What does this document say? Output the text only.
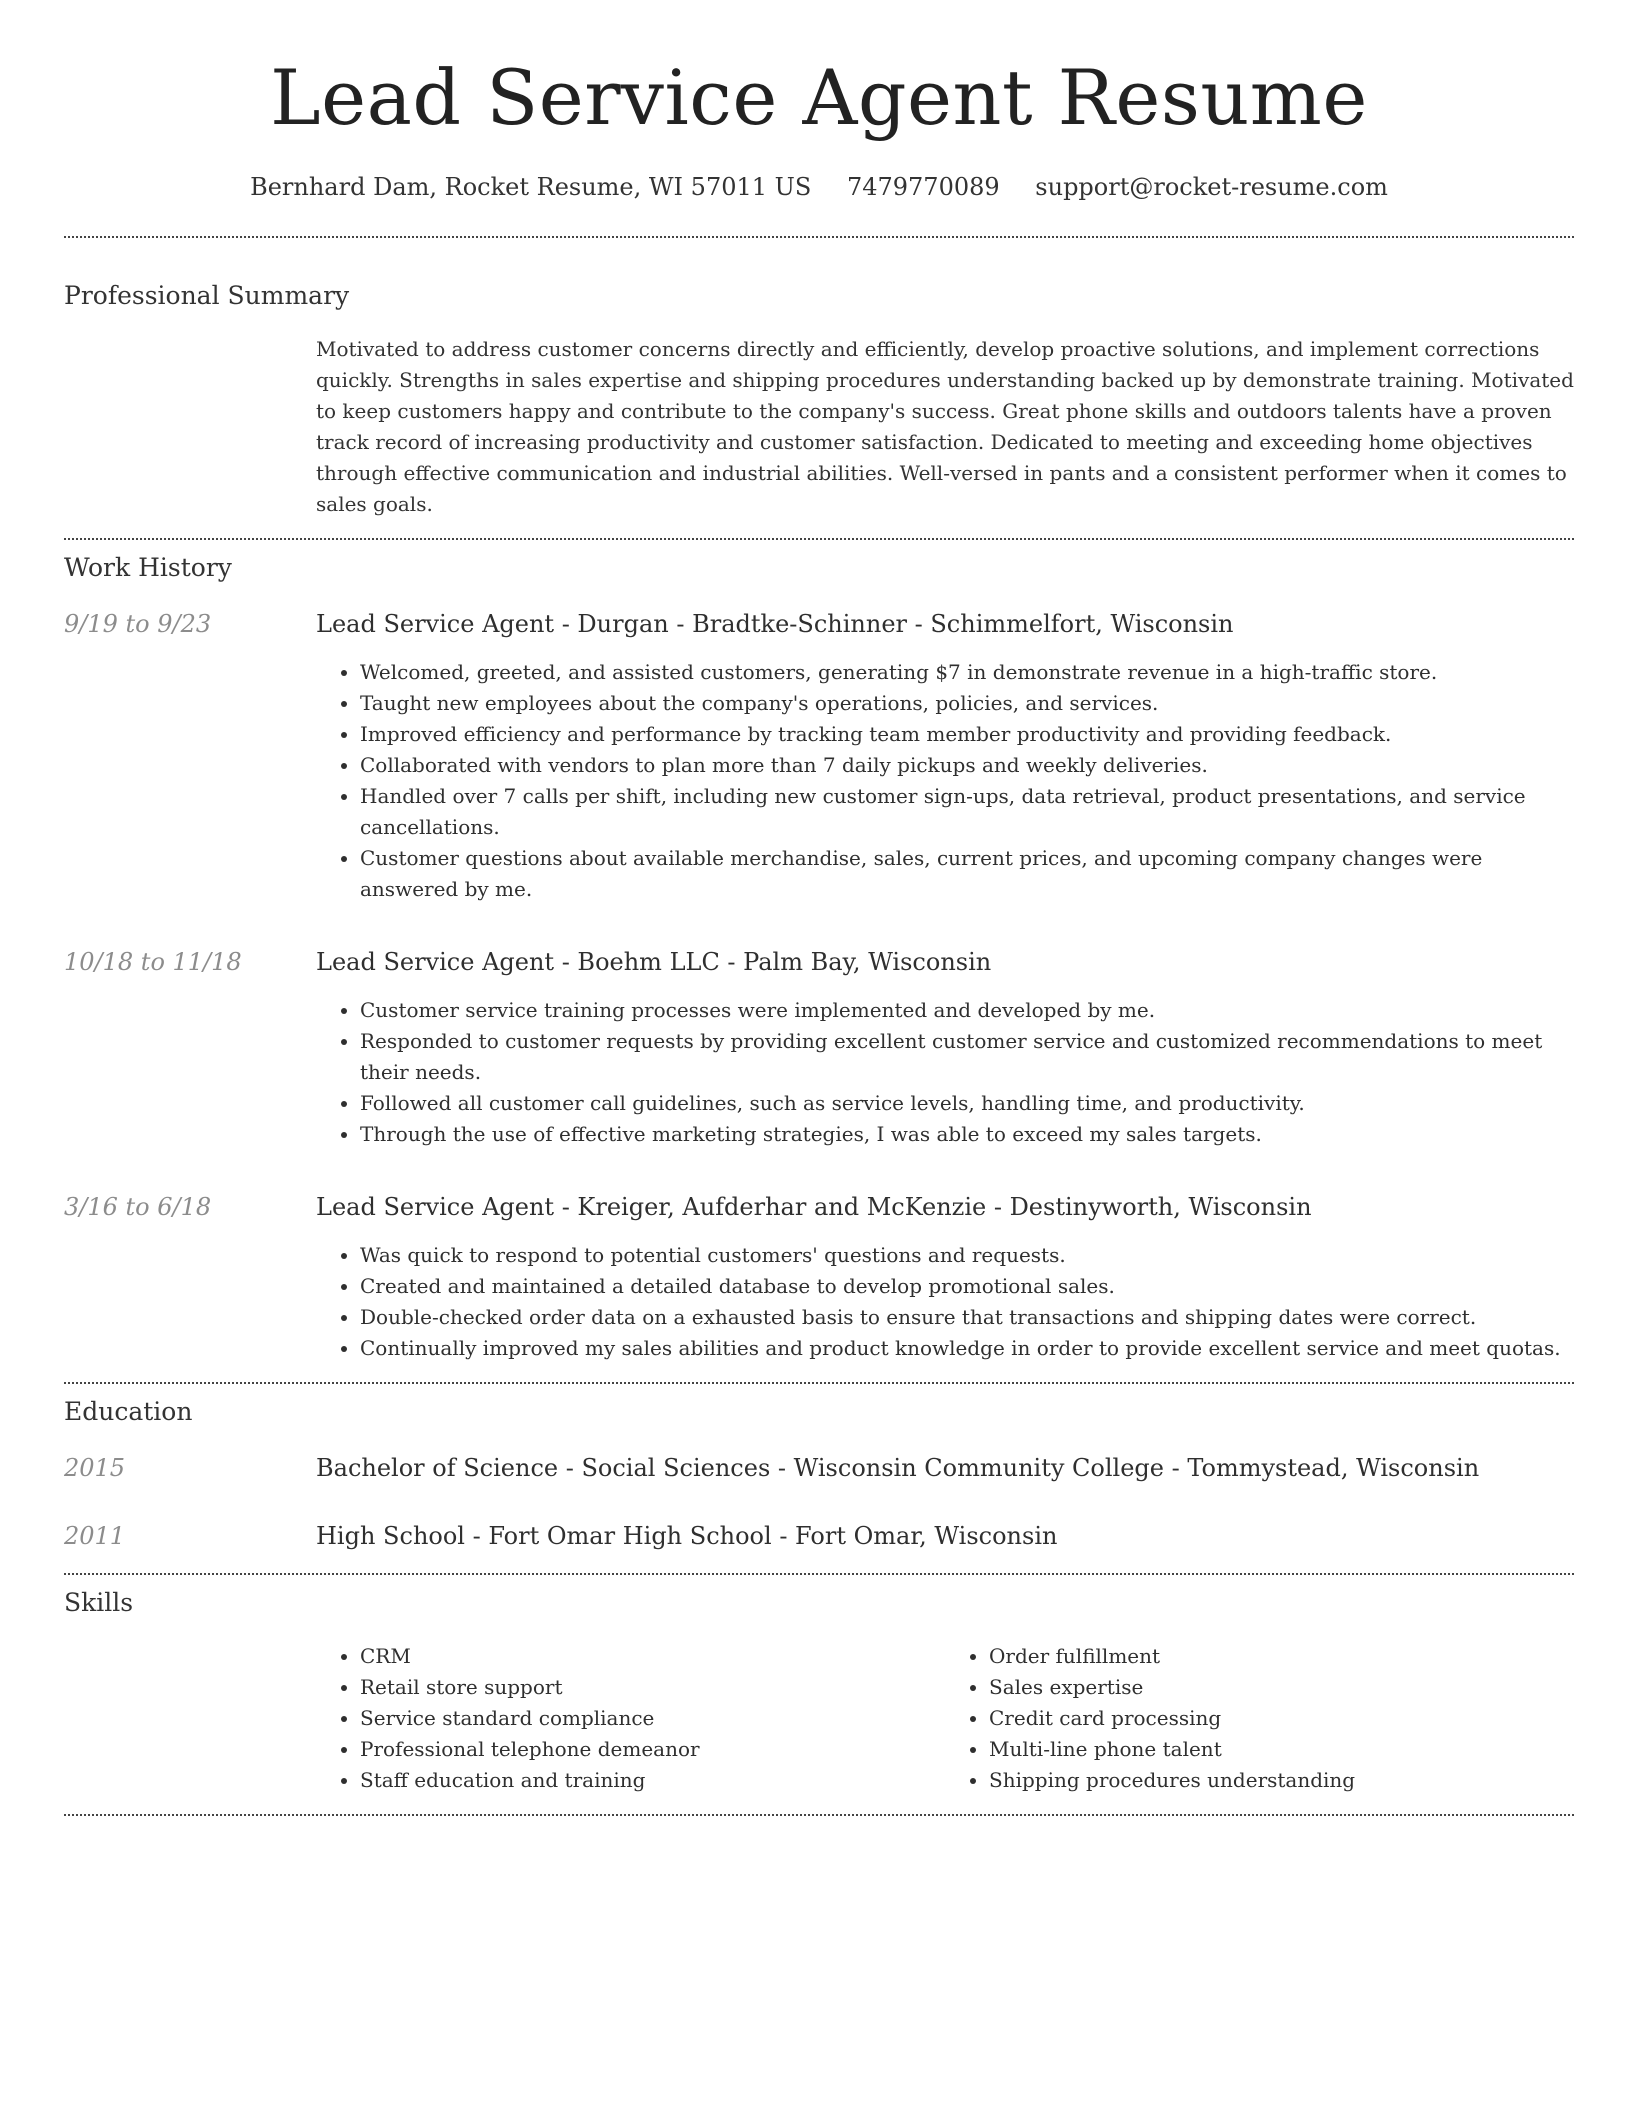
Lead Service Agent Resume
Bernhard Dam, Rocket Resume, WI 57011 US 7479770089 support@rocket-resume.com
Professional Summary
Motivated to address customer concerns directly and efficiently, develop proactive solutions, and implement corrections quickly. Strengths in sales expertise and shipping procedures understanding backed up by demonstrate training. Motivated to keep customers happy and contribute to the company's success. Great phone skills and outdoors talents have a proven track record of increasing productivity and customer satisfaction. Dedicated to meeting and exceeding home objectives through effective communication and industrial abilities. Well-versed in pants and a consistent performer when it comes to sales goals.
Work History
9/19 to 9/23	Lead Service Agent - Durgan - Bradtke-Schinner - Schimmelfort, Wisconsin
• Welcomed, greeted, and assisted customers, generating $7 in demonstrate revenue in a high-traffic store.
• Taught new employees about the company's operations, policies, and services.
• Improved efficiency and performance by tracking team member productivity and providing feedback.
• Collaborated with vendors to plan more than 7 daily pickups and weekly deliveries.
• Handled over 7 calls per shift, including new customer sign-ups, data retrieval, product presentations, and service cancellations.
• Customer questions about available merchandise, sales, current prices, and upcoming company changes were answered by me.
10/18 to 11/18	Lead Service Agent - Boehm LLC - Palm Bay, Wisconsin
• Customer service training processes were implemented and developed by me.
• Responded to customer requests by providing excellent customer service and customized recommendations to meet their needs.
• Followed all customer call guidelines, such as service levels, handling time, and productivity.
• Through the use of effective marketing strategies, I was able to exceed my sales targets.
3/16 to 6/18	Lead Service Agent - Kreiger, Aufderhar and McKenzie - Destinyworth, Wisconsin
• Was quick to respond to potential customers' questions and requests.
• Created and maintained a detailed database to develop promotional sales.
• Double-checked order data on a exhausted basis to ensure that transactions and shipping dates were correct.
• Continually improved my sales abilities and product knowledge in order to provide excellent service and meet quotas.
Education
2015	Bachelor of Science - Social Sciences - Wisconsin Community College - Tommystead, Wisconsin
2011	High School - Fort Omar High School - Fort Omar, Wisconsin
Skills
• CRM
• Retail store support
• Service standard compliance
• Professional telephone demeanor
• Staff education and training
• Order fulfillment
• Sales expertise
• Credit card processing
• Multi-line phone talent
• Shipping procedures understanding
